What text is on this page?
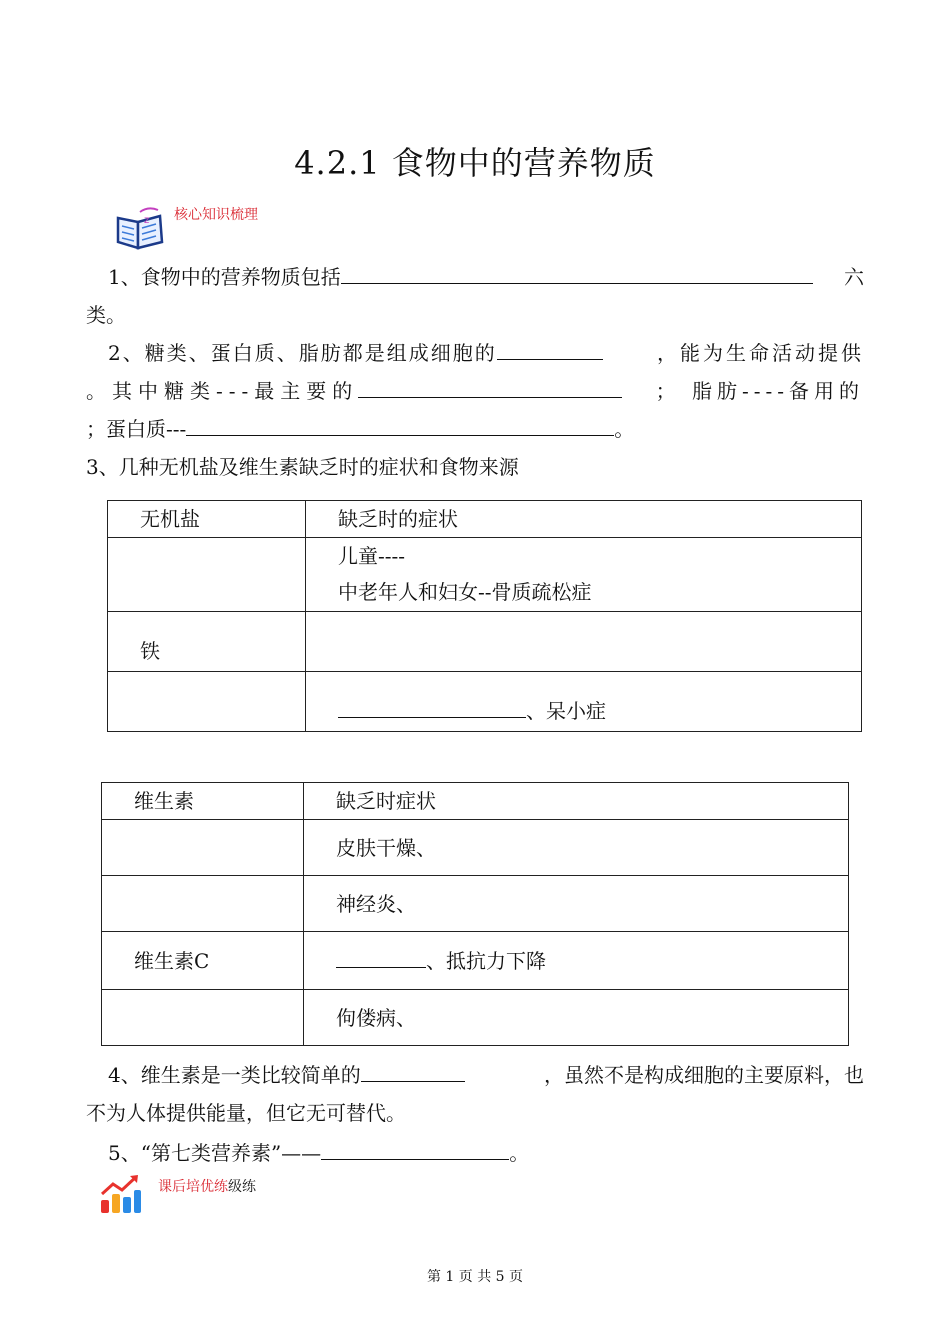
4.2.1 食物中的营养物质
z 核心知识梳理
1、食物中的营养物质包括	六
类。
2、糖类、蛋白质、脂肪都是组成细胞的	，能为生命活动提供
。其中糖类---最主要的	； 脂肪----备用的
；蛋白质---	。
3、几种无机盐及维生素缺乏时的症状和食物来源
无机盐	缺乏时的症状

	儿童----
中老年人和妇女--骨质疏松症

铁	

	、呆小症
维生素	缺乏时症状

	皮肤干燥、

	神经炎、

维生素C	、抵抗力下降

	佝偻病、
4、维生素是一类比较简单的	，虽然不是构成细胞的主要原料，也
不为人体提供能量，但它无可替代。
5、“第七类营养素”——	。
课后培优练级练
第 1 页 共 5 页
